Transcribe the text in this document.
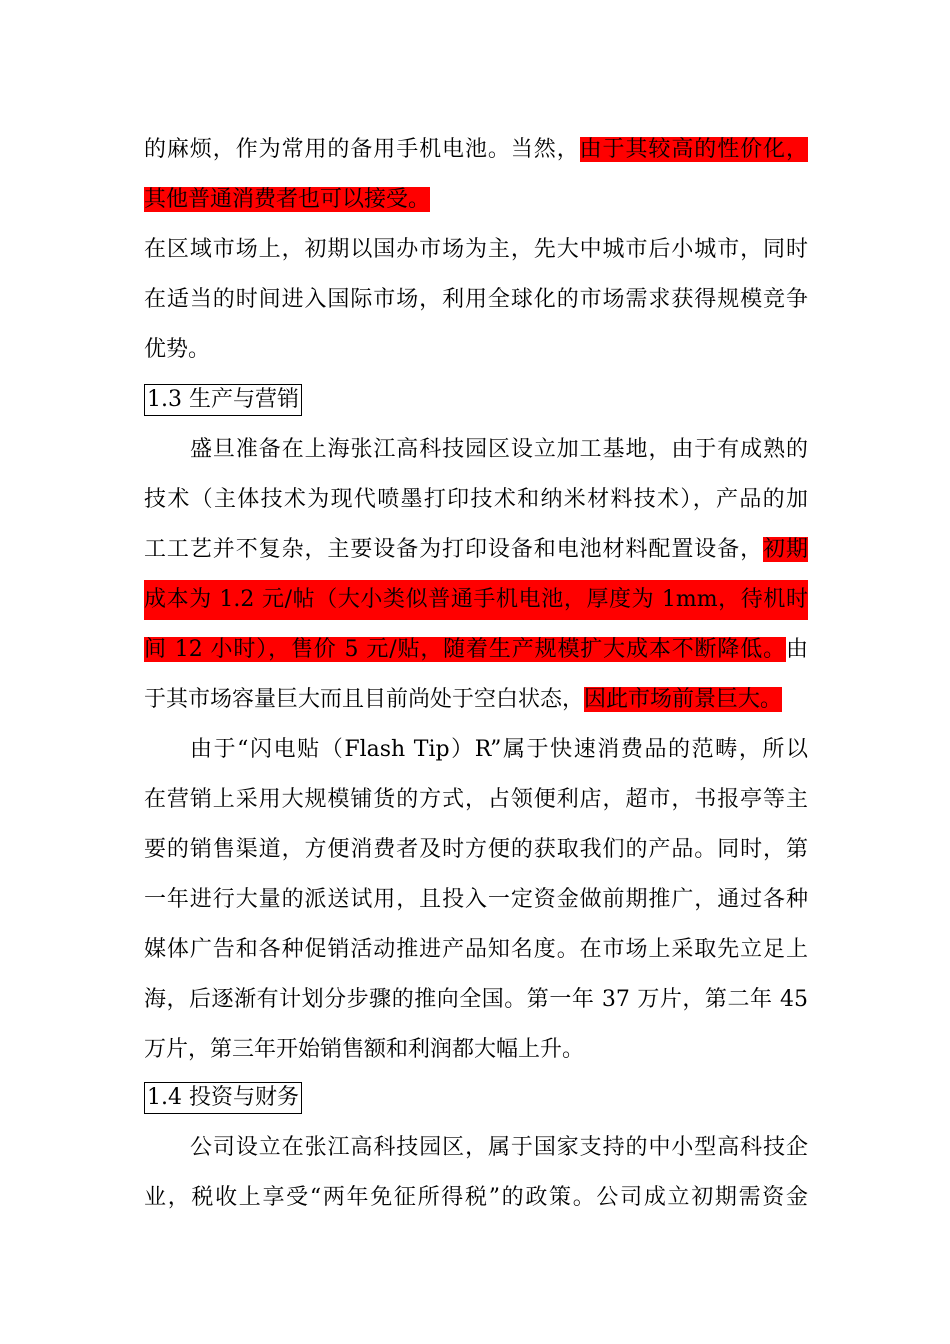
的麻烦，作为常用的备用手机电池。当然，由于其较高的性价化，
其他普通消费者也可以接受。
在区域市场上，初期以国办市场为主，先大中城市后小城市，同时
在适当的时间进入国际市场，利用全球化的市场需求获得规模竞争
优势。
1.3 生产与营销
盛旦准备在上海张江高科技园区设立加工基地，由于有成熟的
技术（主体技术为现代喷墨打印技术和纳米材料技术），产品的加
工工艺并不复杂，主要设备为打印设备和电池材料配置设备，初期
成本为 1.2 元/帖（大小类似普通手机电池，厚度为 1mm，待机时
间 12 小时），售价 5 元/贴，随着生产规模扩大成本不断降低。由
于其市场容量巨大而且目前尚处于空白状态，因此市场前景巨大。
由于“闪电贴（Flash Tip）R”属于快速消费品的范畴，所以
在营销上采用大规模铺货的方式，占领便利店，超市，书报亭等主
要的销售渠道，方便消费者及时方便的获取我们的产品。同时，第
一年进行大量的派送试用，且投入一定资金做前期推广，通过各种
媒体广告和各种促销活动推进产品知名度。在市场上采取先立足上
海，后逐渐有计划分步骤的推向全国。第一年 37 万片，第二年 45
万片，第三年开始销售额和利润都大幅上升。
1.4 投资与财务
公司设立在张江高科技园区，属于国家支持的中小型高科技企
业，税收上享受“两年免征所得税”的政策。公司成立初期需资金
